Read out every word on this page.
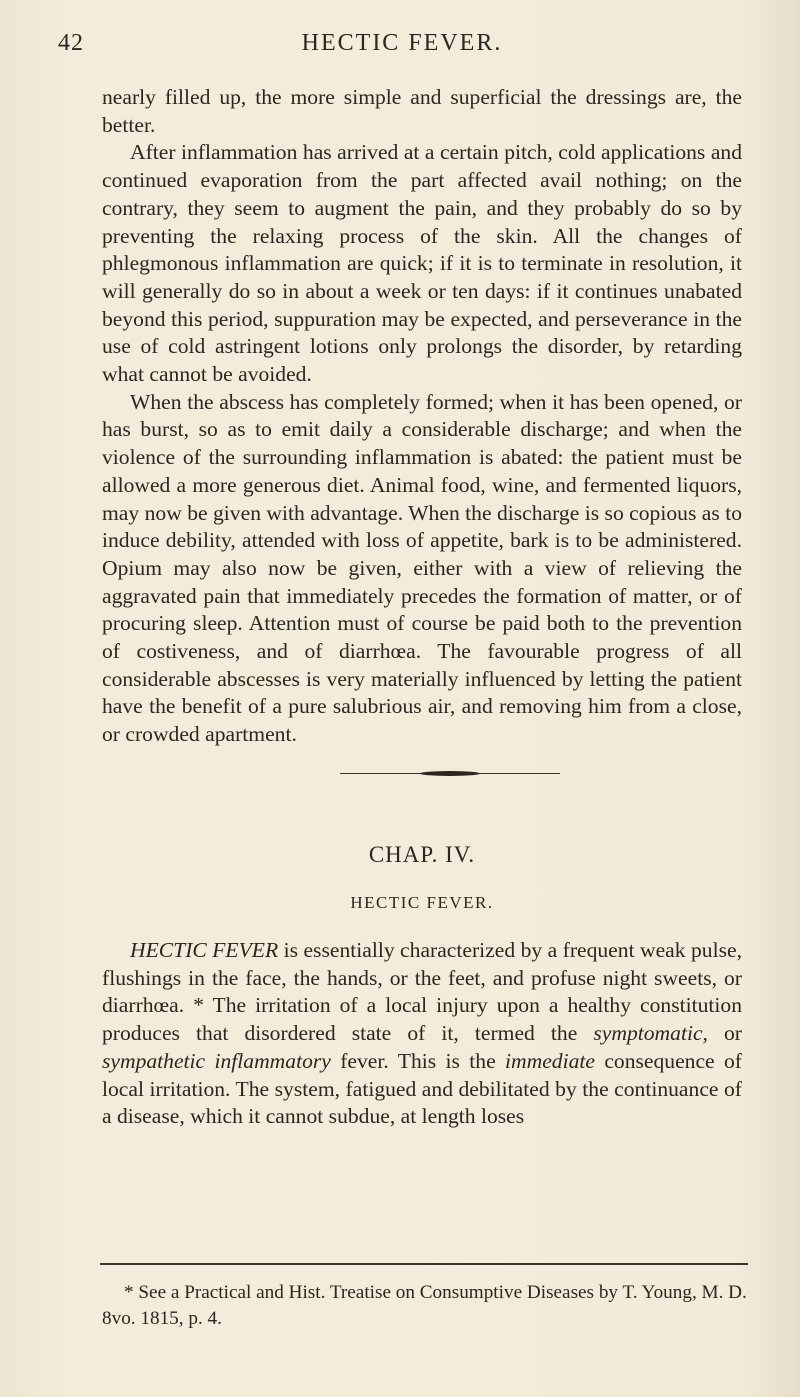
42	HECTIC FEVER.

nearly filled up, the more simple and superficial the dressings are, the better.

After inflammation has arrived at a certain pitch, cold applications and continued evaporation from the part affected avail nothing; on the contrary, they seem to augment the pain, and they probably do so by preventing the relaxing process of the skin. All the changes of phlegmonous inflammation are quick; if it is to terminate in resolution, it will generally do so in about a week or ten days: if it continues unabated beyond this period, suppuration may be expected, and perseverance in the use of cold astringent lotions only prolongs the disorder, by retarding what cannot be avoided.

When the abscess has completely formed; when it has been opened, or has burst, so as to emit daily a considerable discharge; and when the violence of the surrounding inflammation is abated: the patient must be allowed a more generous diet. Animal food, wine, and fermented liquors, may now be given with advantage. When the discharge is so copious as to induce debility, attended with loss of appetite, bark is to be administered. Opium may also now be given, either with a view of relieving the aggravated pain that immediately precedes the formation of matter, or of procuring sleep. Attention must of course be paid both to the prevention of costiveness, and of diarrhœa. The favourable progress of all considerable abscesses is very materially influenced by letting the patient have the benefit of a pure salubrious air, and removing him from a close, or crowded apartment.

CHAP. IV.
HECTIC FEVER.

HECTIC FEVER is essentially characterized by a frequent weak pulse, flushings in the face, the hands, or the feet, and profuse night sweets, or diarrhœa. * The irritation of a local injury upon a healthy constitution produces that disordered state of it, termed the symptomatic, or sympathetic inflammatory fever. This is the immediate consequence of local irritation. The system, fatigued and debilitated by the continuance of a disease, which it cannot subdue, at length loses

* See a Practical and Hist. Treatise on Consumptive Diseases by T. Young, M. D. 8vo. 1815, p. 4.
